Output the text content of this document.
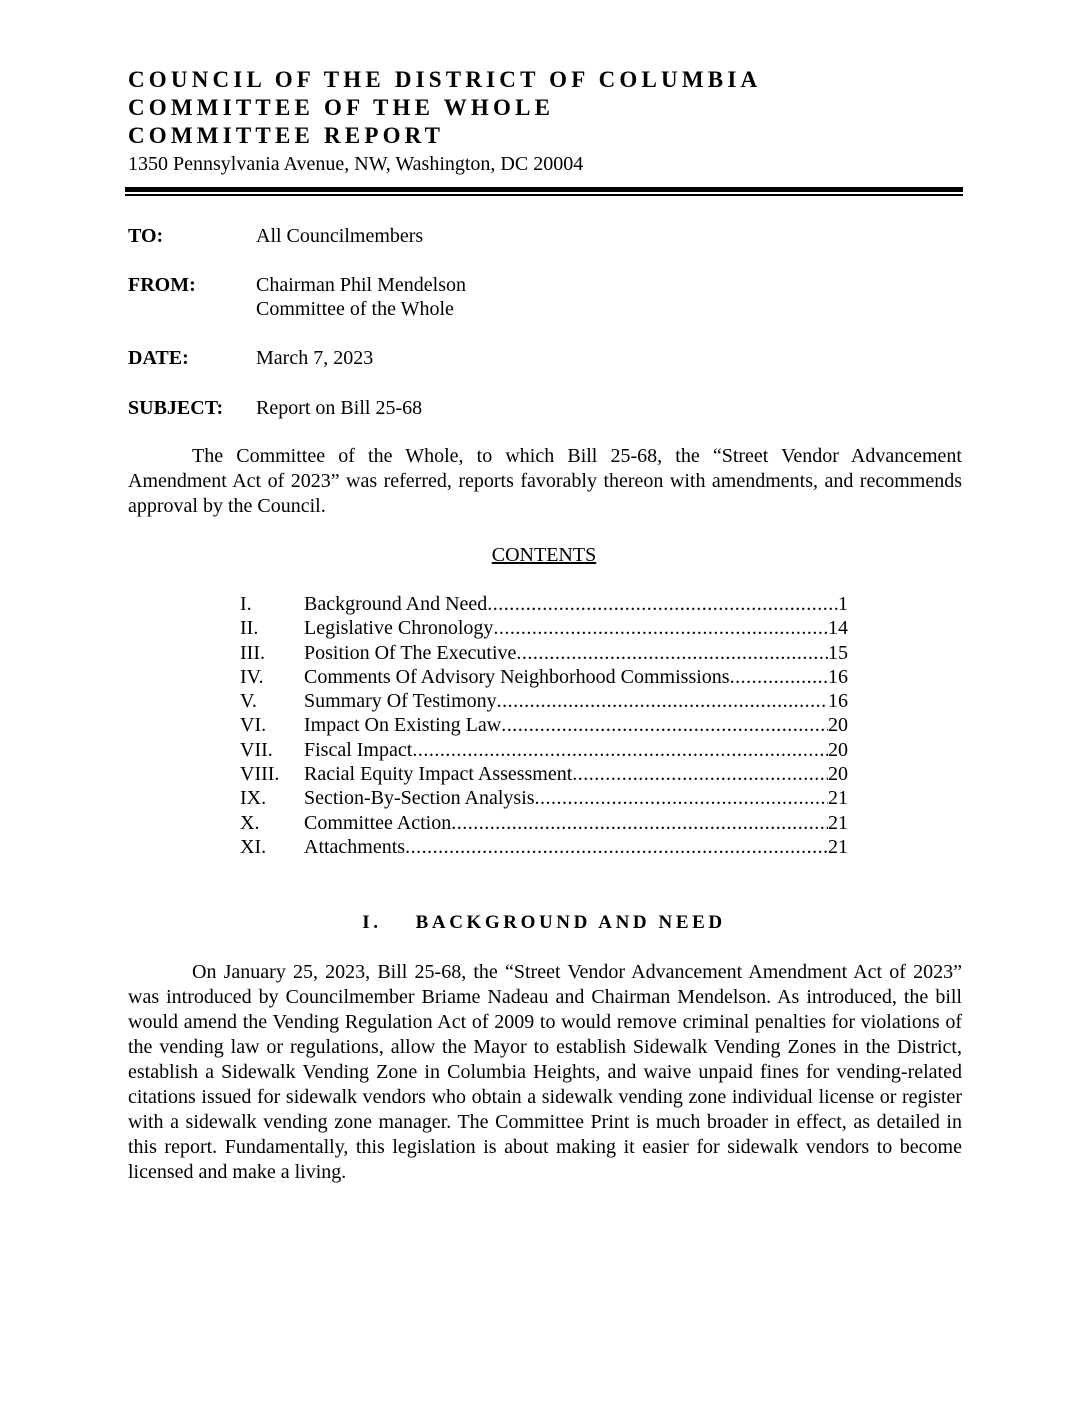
COUNCIL OF THE DISTRICT OF COLUMBIA
COMMITTEE OF THE WHOLE
COMMITTEE REPORT
1350 Pennsylvania Avenue, NW, Washington, DC 20004
TO:	All Councilmembers
FROM:	Chairman Phil Mendelson
Committee of the Whole
DATE:	March 7, 2023
SUBJECT: Report on Bill 25-68
The Committee of the Whole, to which Bill 25-68, the “Street Vendor Advancement Amendment Act of 2023” was referred, reports favorably thereon with amendments, and recommends approval by the Council.
CONTENTS
I.	Background And Need .....	1
II.	Legislative Chronology .....	14
III.	Position Of The Executive .....	15
IV.	Comments Of Advisory Neighborhood Commissions .....	16
V.	Summary Of Testimony .....	16
VI.	Impact On Existing Law .....	20
VII.	Fiscal Impact .....	20
VIII.	Racial Equity Impact Assessment .....	20
IX.	Section-By-Section Analysis .....	21
X.	Committee Action .....	21
XI.	Attachments .....	21
I. BACKGROUND AND NEED
On January 25, 2023, Bill 25-68, the “Street Vendor Advancement Amendment Act of 2023” was introduced by Councilmember Briame Nadeau and Chairman Mendelson. As introduced, the bill would amend the Vending Regulation Act of 2009 to would remove criminal penalties for violations of the vending law or regulations, allow the Mayor to establish Sidewalk Vending Zones in the District, establish a Sidewalk Vending Zone in Columbia Heights, and waive unpaid fines for vending-related citations issued for sidewalk vendors who obtain a sidewalk vending zone individual license or register with a sidewalk vending zone manager. The Committee Print is much broader in effect, as detailed in this report. Fundamentally, this legislation is about making it easier for sidewalk vendors to become licensed and make a living.
